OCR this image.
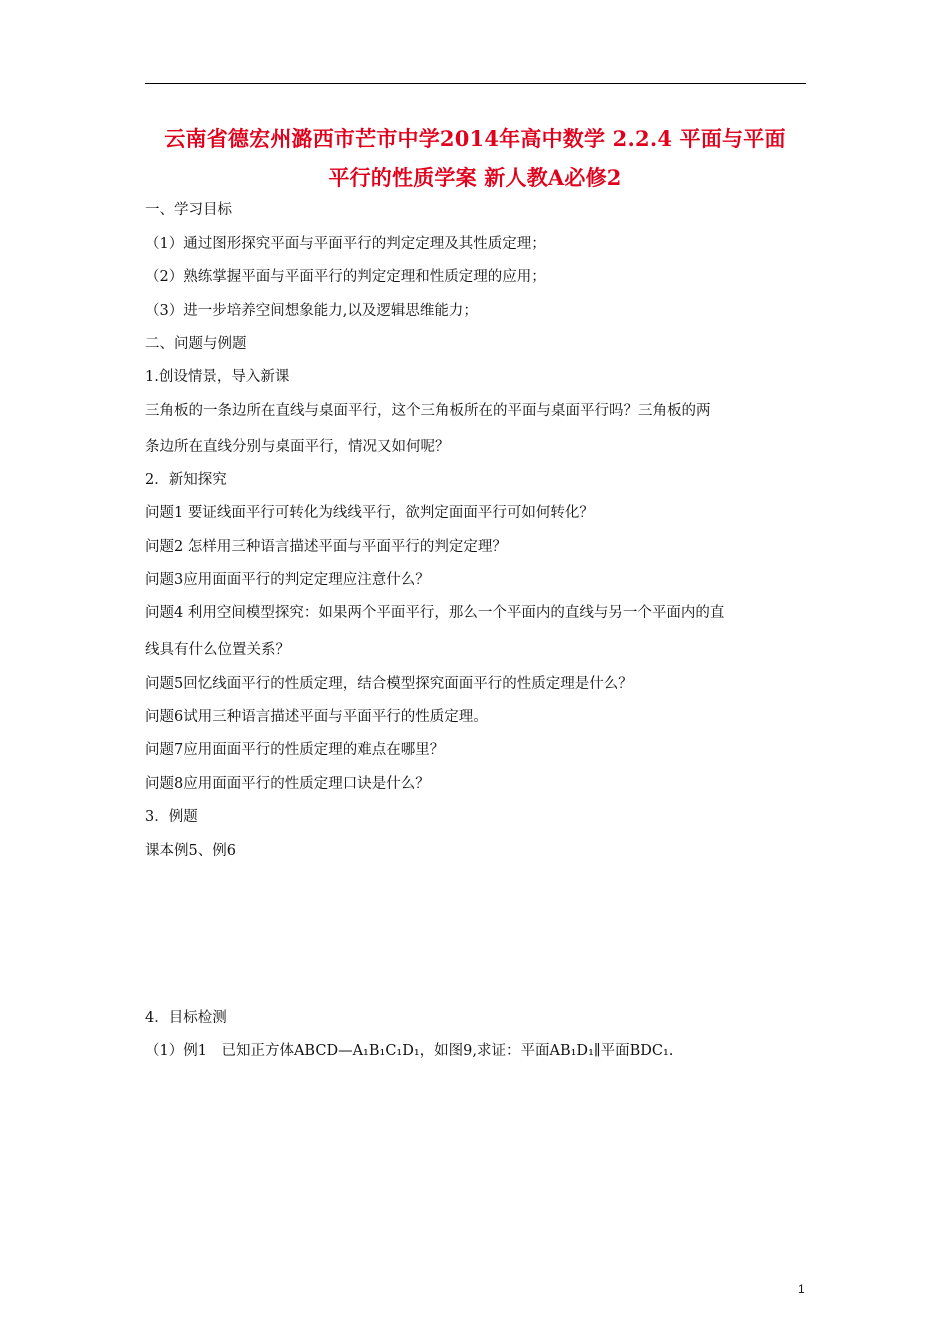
云南省德宏州潞西市芒市中学2014年高中数学 2.2.4 平面与平面
平行的性质学案 新人教A必修2
一、学习目标
（1）通过图形探究平面与平面平行的判定定理及其性质定理；
（2）熟练掌握平面与平面平行的判定定理和性质定理的应用；
（3）进一步培养空间想象能力,以及逻辑思维能力；
二、问题与例题
1.创设情景，导入新课
三角板的一条边所在直线与桌面平行，这个三角板所在的平面与桌面平行吗？三角板的两
条边所在直线分别与桌面平行，情况又如何呢？
2．新知探究
问题1 要证线面平行可转化为线线平行，欲判定面面平行可如何转化？
问题2 怎样用三种语言描述平面与平面平行的判定定理？
问题3应用面面平行的判定定理应注意什么？
问题4 利用空间模型探究：如果两个平面平行，那么一个平面内的直线与另一个平面内的直
线具有什么位置关系？
问题5回忆线面平行的性质定理，结合模型探究面面平行的性质定理是什么？
问题6试用三种语言描述平面与平面平行的性质定理。
问题7应用面面平行的性质定理的难点在哪里？
问题8应用面面平行的性质定理口诀是什么？
3．例题
课本例5、例6
4．目标检测
（1）例1　已知正方体ABCD—A₁B₁C₁D₁，如图9,求证：平面AB₁D₁∥平面BDC₁.
1
